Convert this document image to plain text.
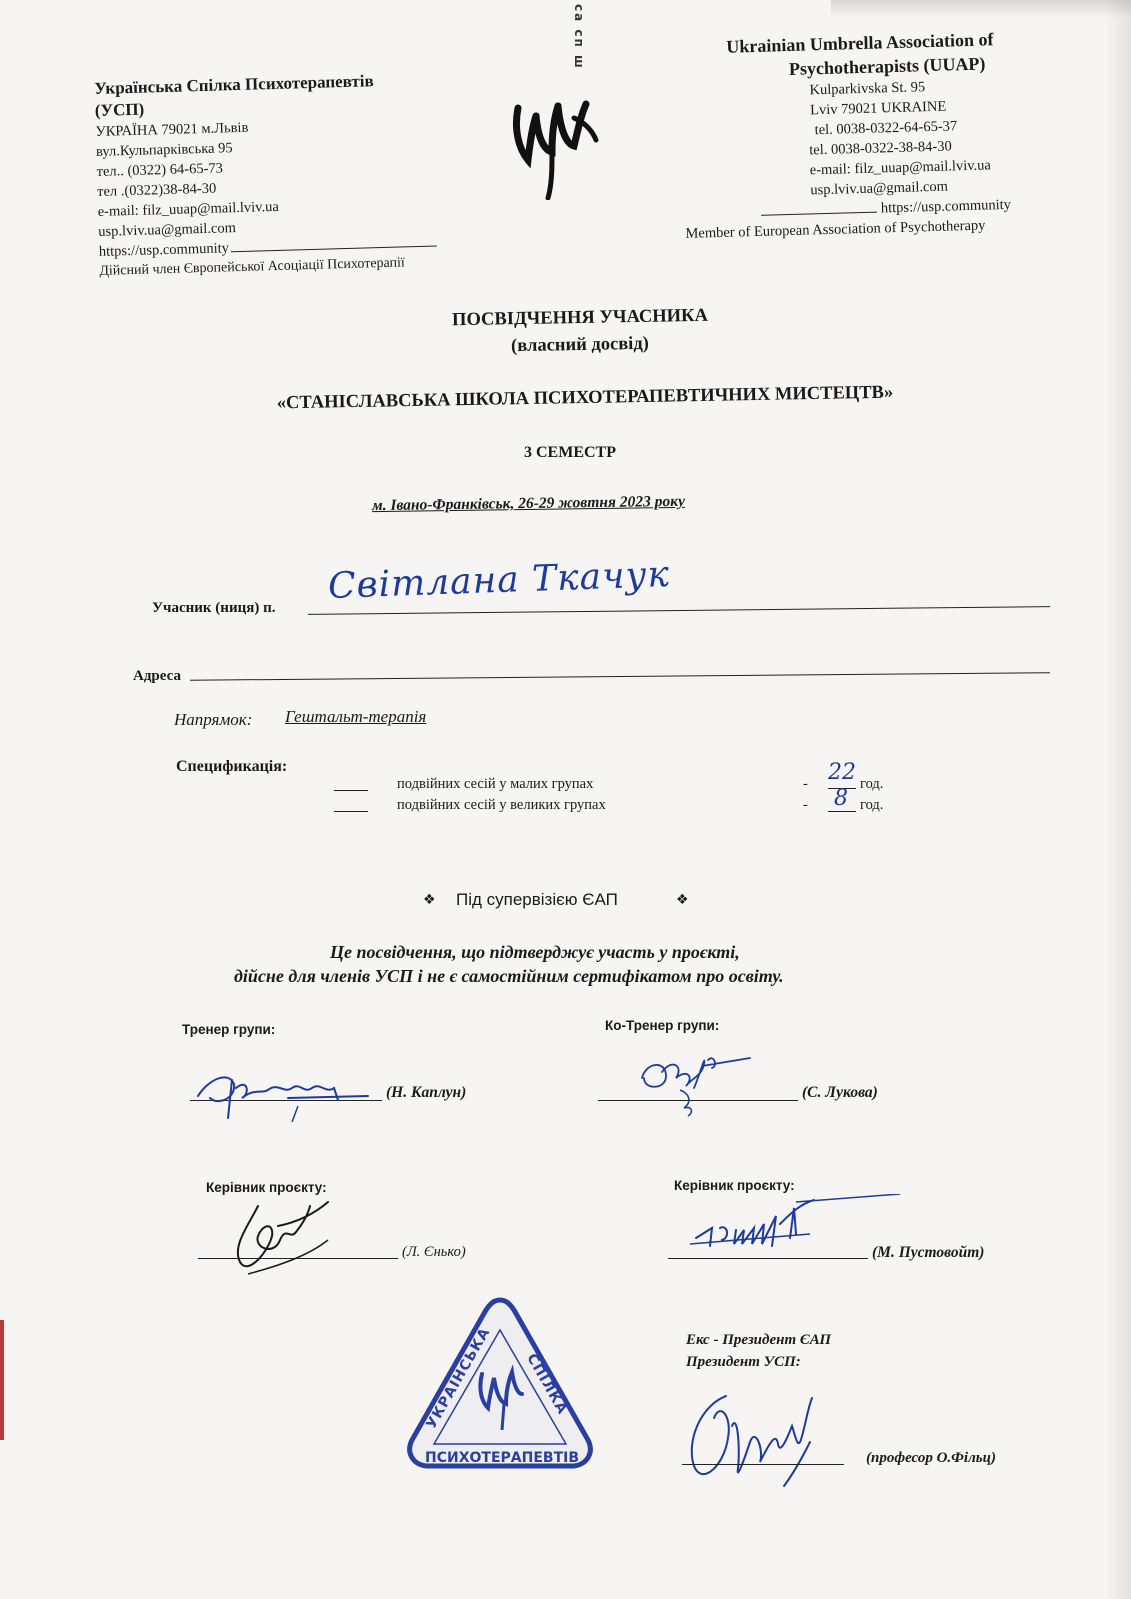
са сп ш
Українська Спілка Психотерапевтів
(УСП)
УКРАЇНА 79021 м.Львів
вул.Кульпарківська 95
тел.. (0322) 64-65-73
тел .(0322)38-84-30
e-mail: filz_uuap@mail.lviv.ua
usp.lviv.ua@gmail.com
https://usp.community
Дійсний член Європейської Асоціації Психотерапії
УСП
Ukrainian Umbrella Association of
Psychotherapists (UUAP)
Kulparkivska St. 95
Lviv 79021 UKRAINE
tel. 0038-0322-64-65-37
tel. 0038-0322-38-84-30
e-mail: filz_uuap@mail.lviv.ua
usp.lviv.ua@gmail.com
https://usp.community
Member of European Association of Psychotherapy
ПОСВІДЧЕННЯ УЧАСНИКА
(власний досвід)
«СТАНІСЛАВСЬКА ШКОЛА ПСИХОТЕРАПЕВТИЧНИХ МИСТЕЦТВ»
3 СЕМЕСТР
м. Івано-Франківськ, 26-29 жовтня 2023 року
Учасник (ниця) п.
Світлана Ткачук
Адреса
Напрямок: Гештальт-терапія
Спецификація:
подвійних сесій у малих групах	- 22 год.
подвійних сесій у великих групах	- 8 год.
❖ Під супервізією ЄАП	❖
Це посвідчення, що підтверджує участь у проєкті,
дійсне для членів УСП і не є самостійним сертифікатом про освіту.
Тренер групи:
(Н. Каплун)
Ко-Тренер групи:
(С. Лукова)
Керівник проєкту:
(Л. Єнько)
Керівник проєкту:
(М. Пустовойт)
УКРАЇНСЬКА
СПІЛКА
ПСИХОТЕРАПЕВТІВ
Екс - Президент ЄАП
Президент УСП:
(професор О.Фільц)
